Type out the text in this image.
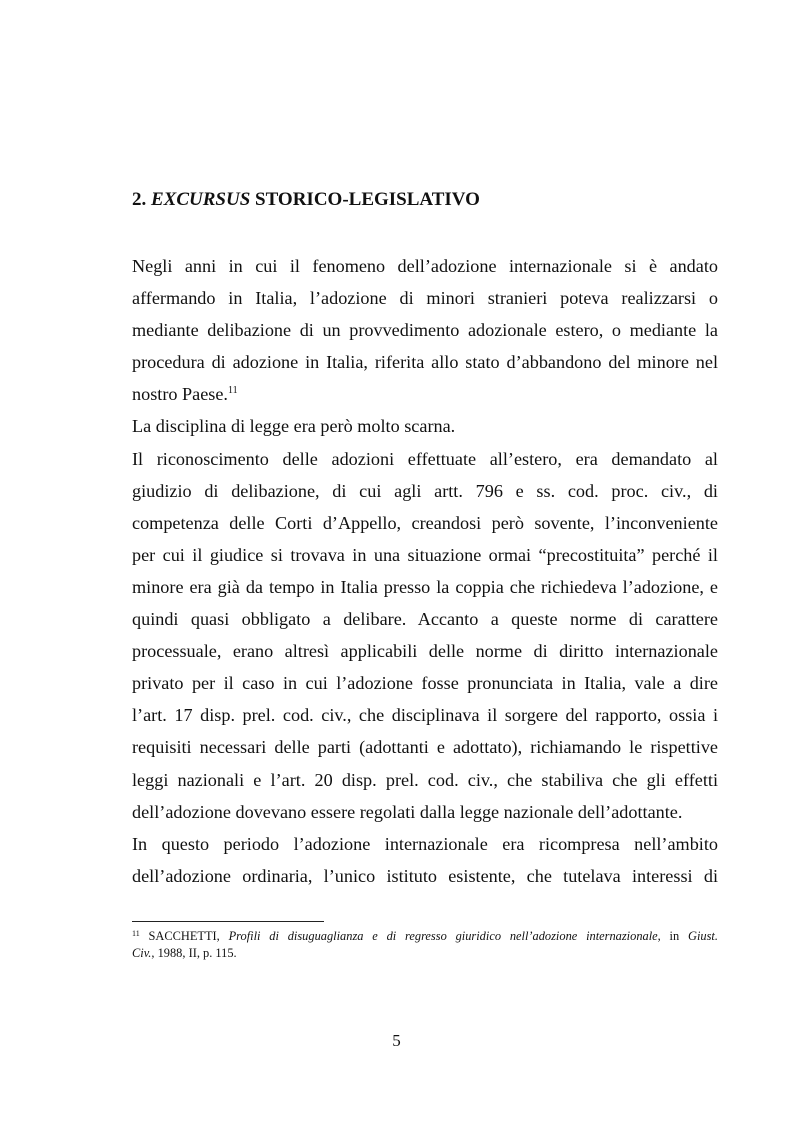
2. EXCURSUS STORICO-LEGISLATIVO
Negli anni in cui il fenomeno dell’adozione internazionale si è andato
affermando in Italia, l’adozione di minori stranieri poteva realizzarsi o
mediante delibazione di un provvedimento adozionale estero, o mediante la
procedura di adozione in Italia, riferita allo stato d’abbandono del minore nel
nostro Paese.$^{11}$
La disciplina di legge era però molto scarna.
Il riconoscimento delle adozioni effettuate all’estero, era demandato al
giudizio di delibazione, di cui agli artt. 796 e ss. cod. proc. civ., di
competenza delle Corti d’Appello, creandosi però sovente, l’inconveniente
per cui il giudice si trovava in una situazione ormai “precostituita” perché il
minore era già da tempo in Italia presso la coppia che richiedeva l’adozione, e
quindi quasi obbligato a delibare. Accanto a queste norme di carattere
processuale, erano altresì applicabili delle norme di diritto internazionale
privato per il caso in cui l’adozione fosse pronunciata in Italia, vale a dire
l’art. 17 disp. prel. cod. civ., che disciplinava il sorgere del rapporto, ossia i
requisiti necessari delle parti (adottanti e adottato), richiamando le rispettive
leggi nazionali e l’art. 20 disp. prel. cod. civ., che stabiliva che gli effetti
dell’adozione dovevano essere regolati dalla legge nazionale dell’adottante.
In questo periodo l’adozione internazionale era ricompresa nell’ambito
dell’adozione ordinaria, l’unico istituto esistente, che tutelava interessi di
$^{11}$ SACCHETTI, Profili di disuguaglianza e di regresso giuridico nell’adozione internazionale, in Giust.
Civ., 1988, II, p. 115.
5
